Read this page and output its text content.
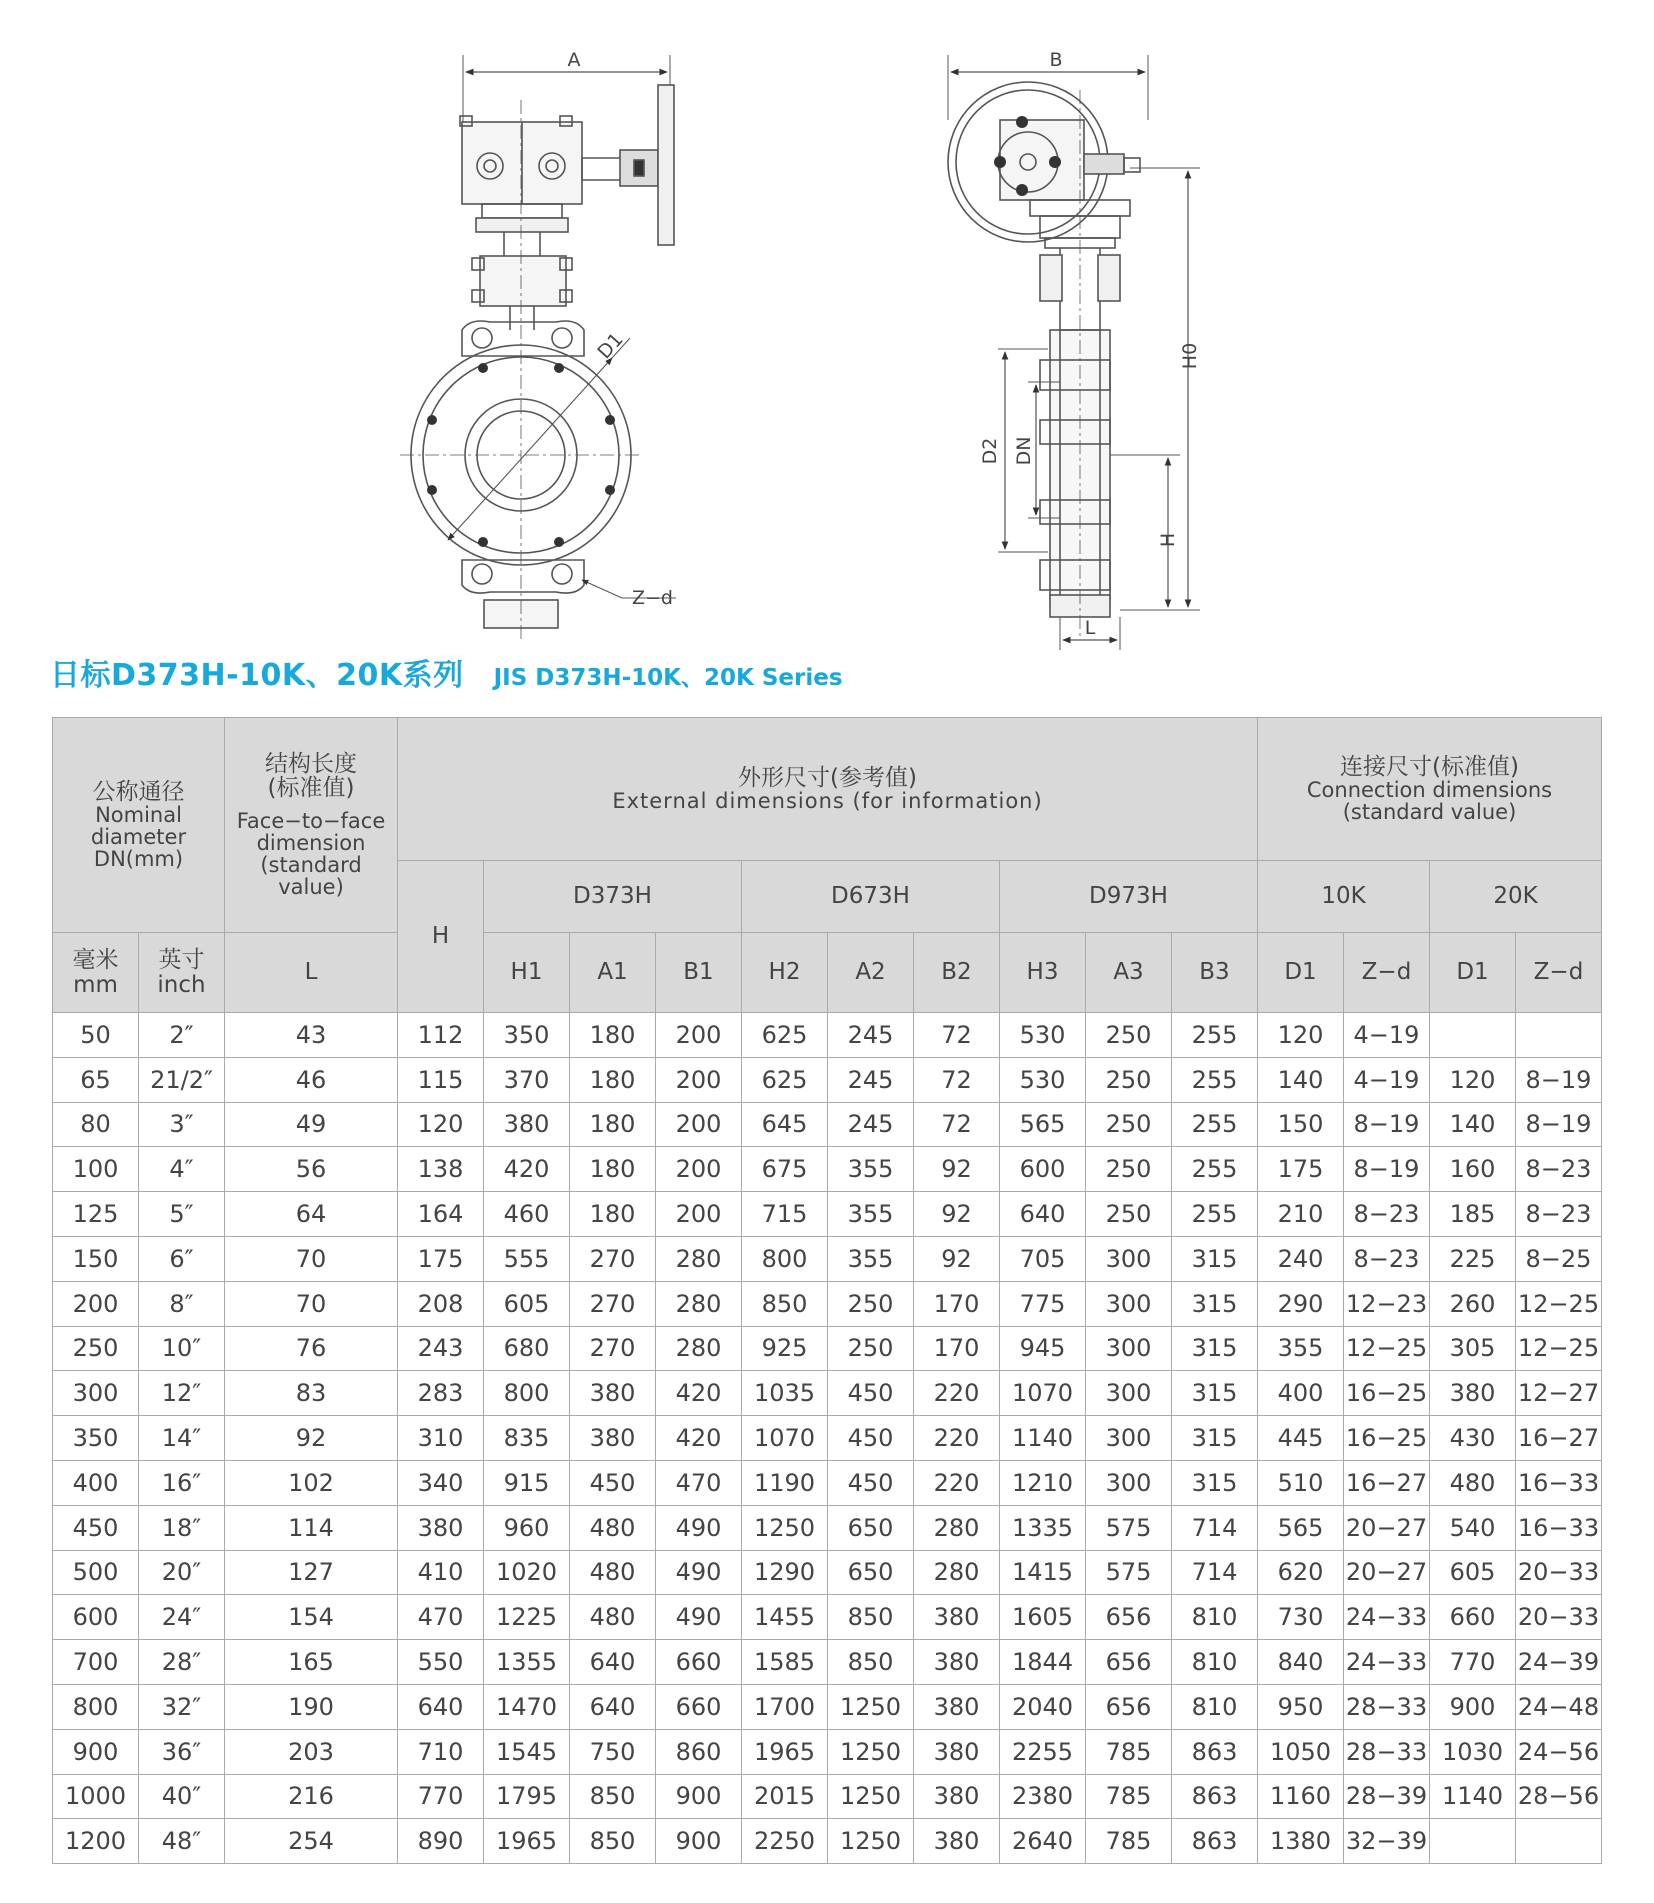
A
D1
Z−d
B
H0
H
D2 DN
L
日标D373H-10K、20K系列 JIS D373H-10K、20K Series
公称通径
Nominal
diameter
DN(mm)		结构长度
(标准值)
Face−to−face
dimension
(standard value)	外形尺寸(参考值)
External dimensions (for information)										连接尺寸(标准值)
Connection dimensions
(standard value)			

			H	D373H			D673H			D973H			10K		20K	

毫米
mm	英寸
inch	L		H1	A1	B1	H2	A2	B2	H3	A3	B3	D1	Z−d	D1	Z−d
50	2″	43	112	350	180	200	625	245	72	530	250	255	120	4−19		
65	21/2″	46	115	370	180	200	625	245	72	530	250	255	140	4−19	120	8−19
80	3″	49	120	380	180	200	645	245	72	565	250	255	150	8−19	140	8−19
100	4″	56	138	420	180	200	675	355	92	600	250	255	175	8−19	160	8−23
125	5″	64	164	460	180	200	715	355	92	640	250	255	210	8−23	185	8−23
150	6″	70	175	555	270	280	800	355	92	705	300	315	240	8−23	225	8−25
200	8″	70	208	605	270	280	850	250	170	775	300	315	290	12−23	260	12−25
250	10″	76	243	680	270	280	925	250	170	945	300	315	355	12−25	305	12−25
300	12″	83	283	800	380	420	1035	450	220	1070	300	315	400	16−25	380	12−27
350	14″	92	310	835	380	420	1070	450	220	1140	300	315	445	16−25	430	16−27
400	16″	102	340	915	450	470	1190	450	220	1210	300	315	510	16−27	480	16−33
450	18″	114	380	960	480	490	1250	650	280	1335	575	714	565	20−27	540	16−33
500	20″	127	410	1020	480	490	1290	650	280	1415	575	714	620	20−27	605	20−33
600	24″	154	470	1225	480	490	1455	850	380	1605	656	810	730	24−33	660	20−33
700	28″	165	550	1355	640	660	1585	850	380	1844	656	810	840	24−33	770	24−39
800	32″	190	640	1470	640	660	1700	1250	380	2040	656	810	950	28−33	900	24−48
900	36″	203	710	1545	750	860	1965	1250	380	2255	785	863	1050	28−33	1030	24−56
1000	40″	216	770	1795	850	900	2015	1250	380	2380	785	863	1160	28−39	1140	28−56
1200	48″	254	890	1965	850	900	2250	1250	380	2640	785	863	1380	32−39		
